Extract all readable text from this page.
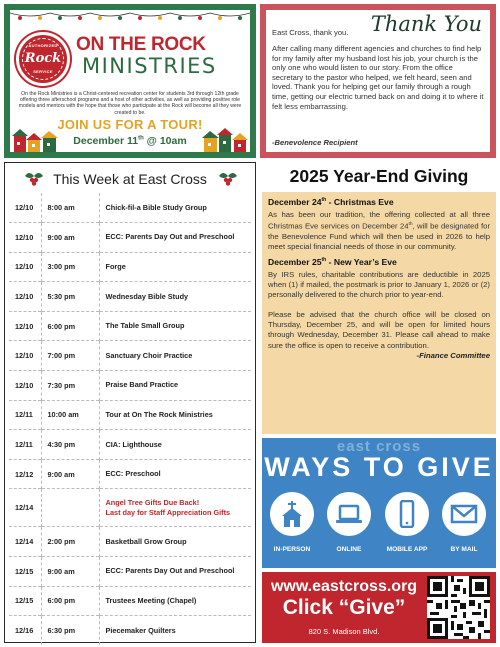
AUTHORIZED
Rock
SERVICE
ON THE ROCK
MINISTRIES
On the Rock Ministries is a Christ-centered recreation center for students 3rd through 12th grade offering three afterschool programs and a host of other activities, as well as providing positive role models and mentors with the hope that those who participate at the Rock will become all they were created to be.
JOIN US FOR A TOUR!
December 11th @ 10am
Thank You
East Cross, thank you.
After calling many different agencies and churches to find help for my family after my husband lost his job, your church is the only one who would listen to our story. From the office secretary to the pastor who helped, we felt heard, seen and loved. Thank you for helping get our family through a rough time, getting our electric turned back on and doing it to where it felt less embarrassing.
-Benevolence Recipient
This Week at East Cross
12/10	8:00 am	Chick-fil-a Bible Study Group
12/10	9:00 am	ECC: Parents Day Out and Preschool
12/10	3:00 pm	Forge
12/10	5:30 pm	Wednesday Bible Study
12/10	6:00 pm	The Table Small Group
12/10	7:00 pm	Sanctuary Choir Practice
12/10	7:30 pm	Praise Band Practice
12/11	10:00 am	Tour at On The Rock Ministries
12/11	4:30 pm	CIA: Lighthouse
12/12	9:00 am	ECC: Preschool
12/14		Angel Tree Gifts Due Back!
Last day for Staff Appreciation Gifts

12/14	2:00 pm	Basketball Grow Group
12/15	9:00 am	ECC: Parents Day Out and Preschool
12/15	6:00 pm	Trustees Meeting (Chapel)
12/16	6:30 pm	Piecemaker Quilters
2025 Year-End Giving
December 24th - Christmas Eve

As has been our tradition, the offering collected at all three Christmas Eve services on December 24th, will be designated for the Benevolence Fund which will then be used in 2026 to help meet special financial needs of those in our community.

December 25th - New Year’s Eve

By IRS rules, charitable contributions are deductible in 2025 when (1) if mailed, the postmark is prior to January 1, 2026 or (2) personally delivered to the church prior to year-end.

Please be advised that the church office will be closed on Thursday, December 25, and will be open for limited hours through Wednesday, December 31. Please call ahead to make sure the office is open to receive a contribution.

-Finance Committee
east cross
WAYS TO GIVE
IN-PERSON	ONLINE	MOBILE APP	BY MAIL
www.eastcross.org
Click “Give”
820 S. Madison Blvd.
